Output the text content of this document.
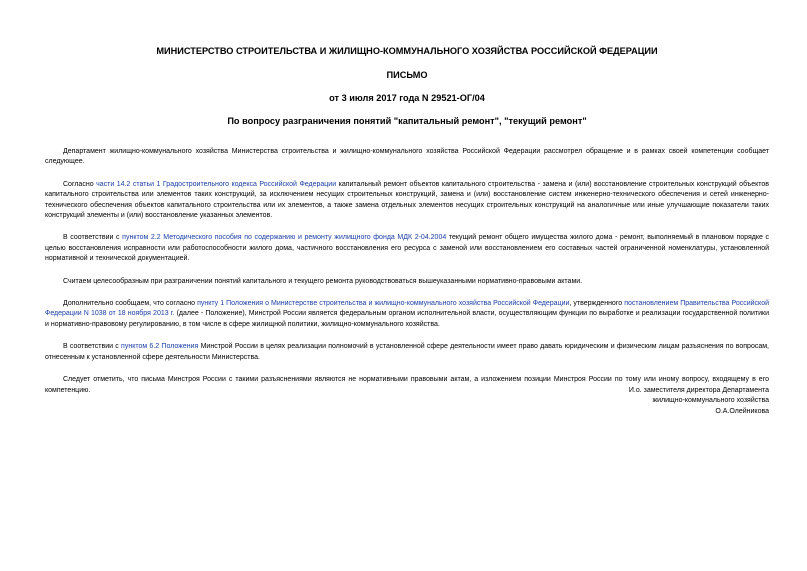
МИНИСТЕРСТВО СТРОИТЕЛЬСТВА И ЖИЛИЩНО-КОММУНАЛЬНОГО ХОЗЯЙСТВА РОССИЙСКОЙ ФЕДЕРАЦИИ
ПИСЬМО
от 3 июля 2017 года N 29521-ОГ/04
По вопросу разграничения понятий "капитальный ремонт", "текущий ремонт"

Департамент жилищно-коммунального хозяйства Министерства строительства и жилищно-коммунального хозяйства Российской Федерации рассмотрел обращение и в рамках своей компетенции сообщает следующее.

Согласно части 14.2 статьи 1 Градостроительного кодекса Российской Федерации капитальный ремонт объектов капитального строительства - замена и (или) восстановление строительных конструкций объектов капитального строительства или элементов таких конструкций, за исключением несущих строительных конструкций, замена и (или) восстановление систем инженерно-технического обеспечения и сетей инженерно-технического обеспечения объектов капитального строительства или их элементов, а также замена отдельных элементов несущих строительных конструкций на аналогичные или иные улучшающие показатели таких конструкций элементы и (или) восстановление указанных элементов.

В соответствии с пунктом 2.2 Методического пособия по содержанию и ремонту жилищного фонда МДК 2-04.2004 текущий ремонт общего имущества жилого дома - ремонт, выполняемый в плановом порядке с целью восстановления исправности или работоспособности жилого дома, частичного восстановления его ресурса с заменой или восстановлением его составных частей ограниченной номенклатуры, установленной нормативной и технической документацией.

Считаем целесообразным при разграничении понятий капитального и текущего ремонта руководствоваться вышеуказанными нормативно-правовыми актами.

Дополнительно сообщаем, что согласно пункту 1 Положения о Министерстве строительства и жилищно-коммунального хозяйства Российской Федерации, утвержденного постановлением Правительства Российской Федерации N 1038 от 18 ноября 2013 г. (далее - Положение), Минстрой России является федеральным органом исполнительной власти, осуществляющим функции по выработке и реализации государственной политики и нормативно-правовому регулированию, в том числе в сфере жилищной политики, жилищно-коммунального хозяйства.

В соответствии с пунктом 6.2 Положения Минстрой России в целях реализации полномочий в установленной сфере деятельности имеет право давать юридическим и физическим лицам разъяснения по вопросам, отнесенным к установленной сфере деятельности Министерства.

Следует отметить, что письма Минстроя России с такими разъяснениями являются не нормативными правовыми актам, а изложением позиции Минстроя России по тому или иному вопросу, входящему в его компетенцию.	И.о. заместителя директора Департамента
жилищно-коммунального хозяйства
О.А.Олейникова
